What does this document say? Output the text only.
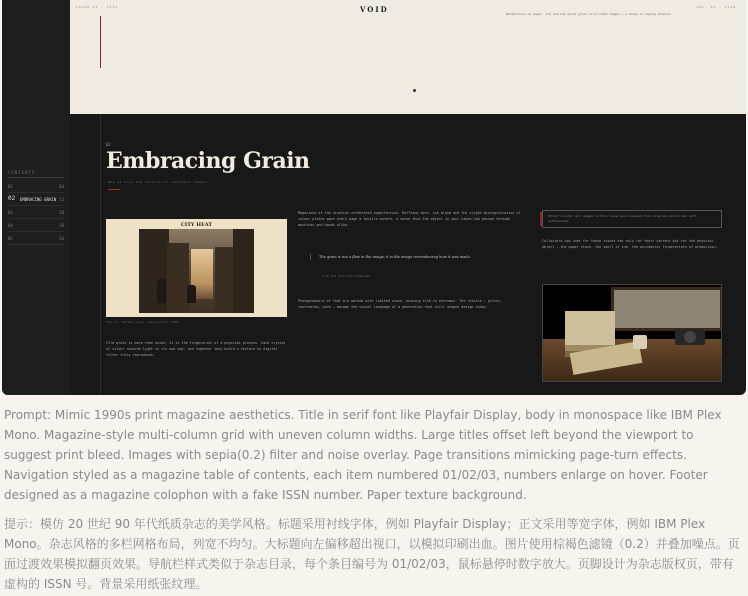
CONTENTS
01	04
02 EMBRACING GRAIN 12
03	20
04	28
05	36
ISSUE 01 · 1994	VOID	VOL. 01 · ISSN
Reflections on paper, ink and the quiet grain of printed images — a study in analog texture.
02
Embracing Grain
Why we love the texture of imperfect images
CITY HEAT
Fig. 1 — Street scene, sepia print, 1994.
Film grain is more than noise; it is the fingerprint of a physical process. Each crystal of silver records light in its own way, and together they build a texture no digital filter truly reproduces.
Magazines of the nineties celebrated imperfection. Halftone dots, ink bleed and the slight misregistration of colour plates gave every page a tactile warmth, a sense that the object in your hands had passed through machines and hands alike.
The grain is not a flaw in the image; it is the image remembering how it was made.
— From the darkroom notebooks
Photographers of that era worked with limited stock, pushing film to extremes. The results — gritty, contrasted, warm — became the visual language of a generation that still shapes design today.
Editor's note: all images in this issue were scanned from original prints and left unretouched.
Collectors now hunt for these issues not only for their content but for the physical object — the paper stock, the smell of ink, the accidental fingerprints of production.
Prompt: Mimic 1990s print magazine aesthetics. Title in serif font like Playfair Display, body in monospace like IBM Plex Mono. Magazine-style multi-column grid with uneven column widths. Large titles offset left beyond the viewport to suggest print bleed. Images with sepia(0.2) filter and noise overlay. Page transitions mimicking page-turn effects. Navigation styled as a magazine table of contents, each item numbered 01/02/03, numbers enlarge on hover. Footer designed as a magazine colophon with a fake ISSN number. Paper texture background.
提示：模仿 20 世纪 90 年代纸质杂志的美学风格。标题采用衬线字体，例如 Playfair Display；正文采用等宽字体，例如 IBM Plex Mono。杂志风格的多栏网格布局，列宽不均匀。大标题向左偏移超出视口，以模拟印刷出血。图片使用棕褐色滤镜（0.2）并叠加噪点。页面过渡效果模拟翻页效果。导航栏样式类似于杂志目录，每个条目编号为 01/02/03，鼠标悬停时数字放大。页脚设计为杂志版权页，带有虚构的 ISSN 号。背景采用纸张纹理。
